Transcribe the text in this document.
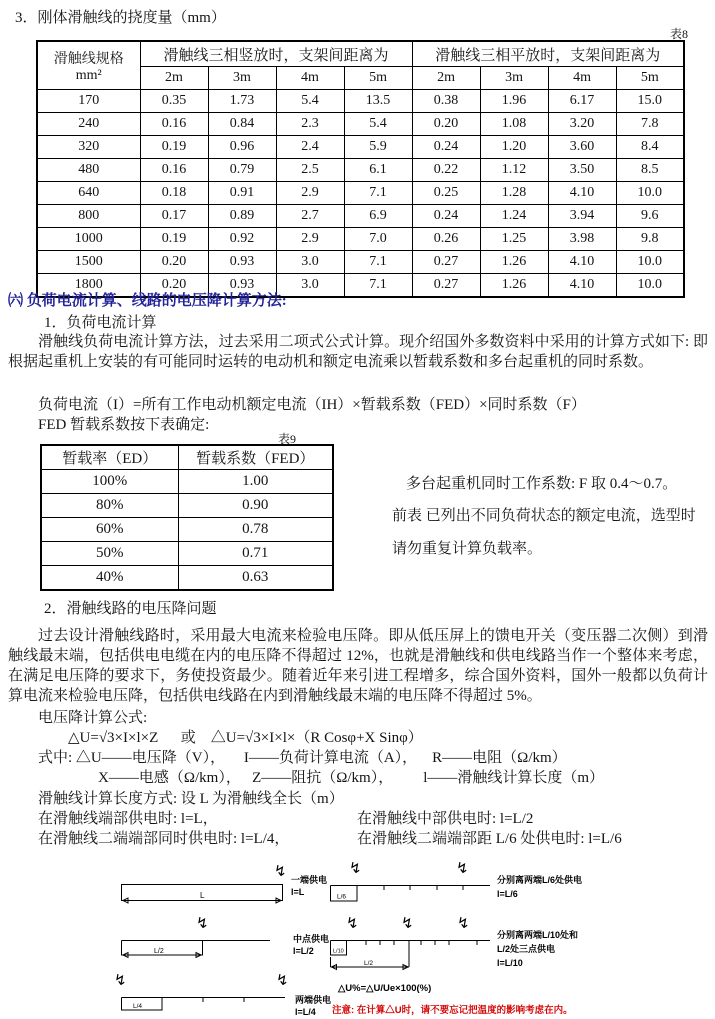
3．刚体滑触线的挠度量（mm）
表8
滑触线规格
mm²	滑触线三相竖放时，支架间距离为				滑触线三相平放时，支架间距离为			
	2m	3m	4m	5m	2m	3m	4m	5m
170	0.35	1.73	5.4	13.5	0.38	1.96	6.17	15.0
240	0.16	0.84	2.3	5.4	0.20	1.08	3.20	7.8
320	0.19	0.96	2.4	5.9	0.24	1.20	3.60	8.4
480	0.16	0.79	2.5	6.1	0.22	1.12	3.50	8.5
640	0.18	0.91	2.9	7.1	0.25	1.28	4.10	10.0
800	0.17	0.89	2.7	6.9	0.24	1.24	3.94	9.6
1000	0.19	0.92	2.9	7.0	0.26	1.25	3.98	9.8
1500	0.20	0.93	3.0	7.1	0.27	1.26	4.10	10.0
1800	0.20	0.93	3.0	7.1	0.27	1.26	4.10	10.0
㈥ 负荷电流计算、线路的电压降计算方法:
1．负荷电流计算
滑触线负荷电流计算方法，过去采用二项式公式计算。现介绍国外多数资料中采用的计算方式如下: 即根据起重机上安装的有可能同时运转的电动机和额定电流乘以暂载系数和多台起重机的同时系数。
负荷电流（I）=所有工作电动机额定电流（IH）×暂载系数（FED）×同时系数（F）
FED 暂载系数按下表确定:
表9
暂载率（ED）	暂载系数（FED）
100%	1.00
80%	0.90
60%	0.78
50%	0.71
40%	0.63
多台起重机同时工作系数: F 取 0.4～0.7。
前表 已列出不同负荷状态的额定电流，选型时
请勿重复计算负载率。
2．滑触线路的电压降问题
过去设计滑触线路时，采用最大电流来检验电压降。即从低压屏上的馈电开关（变压器二次侧）到滑触线最末端，包括供电电缆在内的电压降不得超过 12%，也就是滑触线和供电线路当作一个整体来考虑，在满足电压降的要求下，务使投资最少。随着近年来引进工程增多，综合国外资料，国外一般都以负荷计算电流来检验电压降，包括供电线路在内到滑触线最末端的电压降不得超过 5%。
电压降计算公式:
△U=√3×I×l×Z      或    △U=√3×I×l×（R Cosφ+X Sinφ）
式中: △U——电压降（V），     I——负荷计算电流（A），    R——电阻（Ω/km）
X——电感（Ω/km），   Z——阻抗（Ω/km），        l——滑触线计算长度（m）
滑触线计算长度方式: 设 L 为滑触线全长（m）
在滑触线端部供电时: l=L，	在滑触线中部供电时: l=L/2
在滑触线二端端部同时供电时: l=L/4，	在滑触线二端端部距 L/6 处供电时: l=L/6
L
↯ 一端供电
l=L	L/6
↯	↯
分别离两端L/6处供电
l=L/6
L/2
↯
中点供电
l=L/2	L/10
L/2
↯	↯	↯
分别离两端L/10处和
L/2处三点供电
l=L/10
L/4
↯	↯
两端供电
l=L/4
△U%=△U/Ue×100(%)
注意: 在计算△U时，请不要忘记把温度的影响考虑在内。
